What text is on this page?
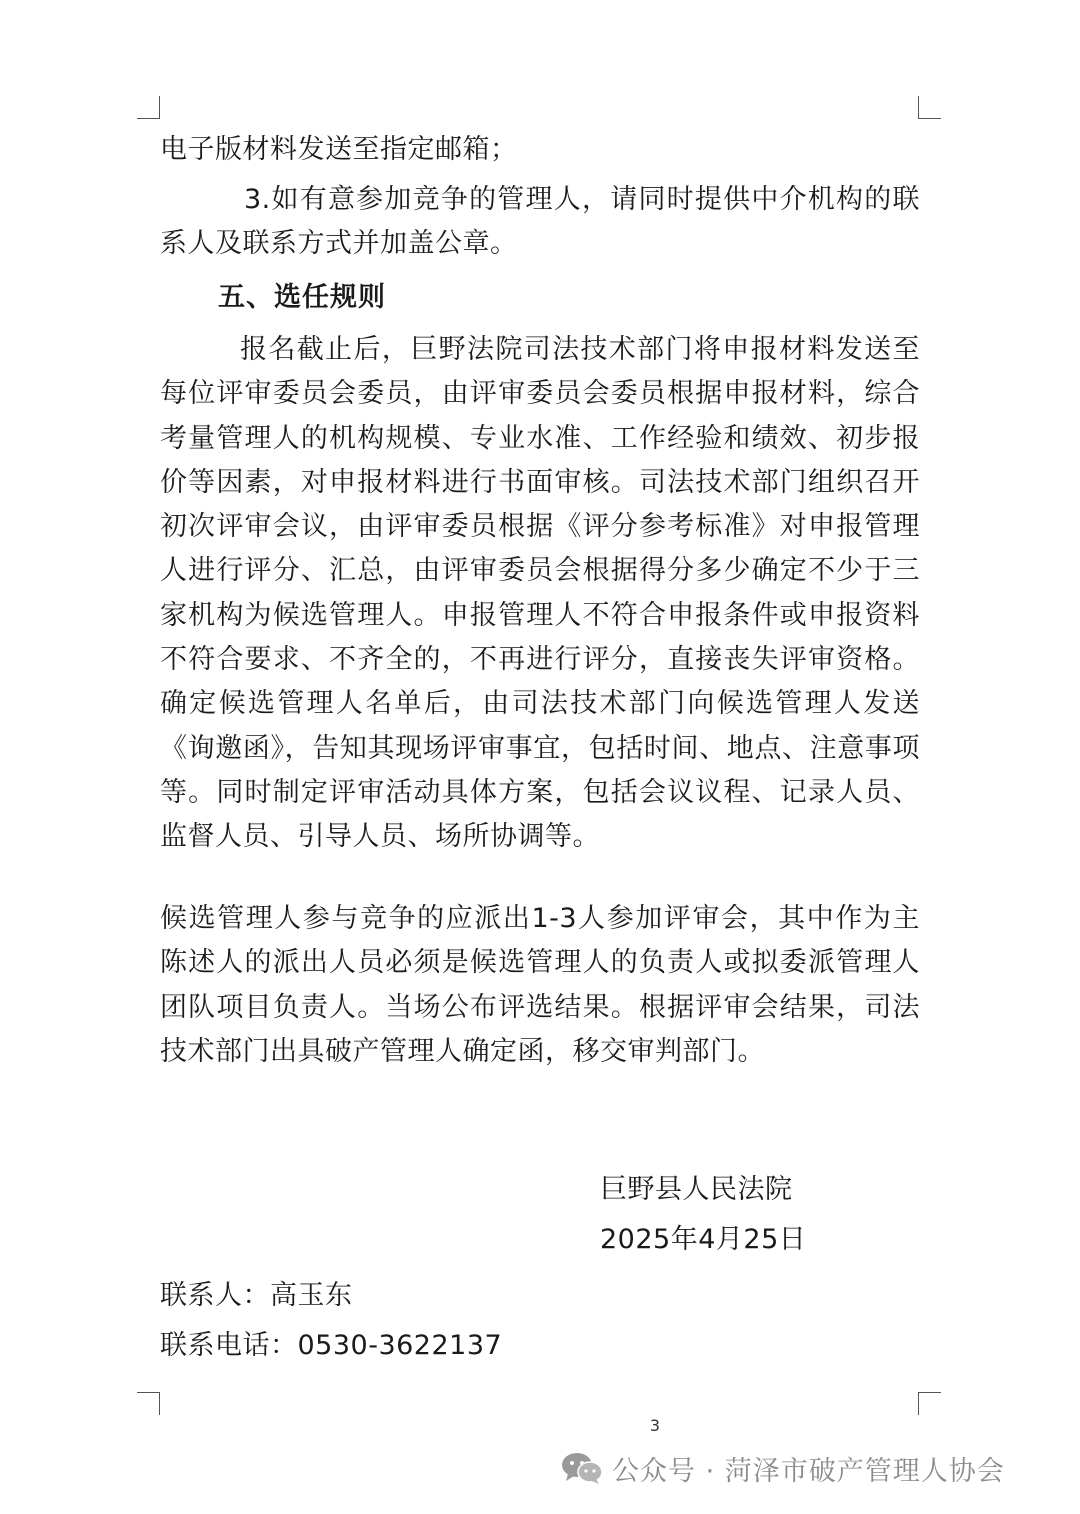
电子版材料发送至指定邮箱；

3.如有意参加竞争的管理人，请同时提供中介机构的联系人及联系方式并加盖公章。

五、选任规则

报名截止后，巨野法院司法技术部门将申报材料发送至每位评审委员会委员，由评审委员会委员根据申报材料，综合考量管理人的机构规模、专业水准、工作经验和绩效、初步报价等因素，对申报材料进行书面审核。司法技术部门组织召开初次评审会议，由评审委员根据《评分参考标准》对申报管理人进行评分、汇总，由评审委员会根据得分多少确定不少于三家机构为候选管理人。申报管理人不符合申报条件或申报资料不符合要求、不齐全的，不再进行评分，直接丧失评审资格。确定候选管理人名单后，由司法技术部门向候选管理人发送《询邀函》，告知其现场评审事宜，包括时间、地点、注意事项等。同时制定评审活动具体方案，包括会议议程、记录人员、监督人员、引导人员、场所协调等。

候选管理人参与竞争的应派出1-3人参加评审会，其中作为主陈述人的派出人员必须是候选管理人的负责人或拟委派管理人团队项目负责人。当场公布评选结果。根据评审会结果，司法技术部门出具破产管理人确定函，移交审判部门。

巨野县人民法院

2025年4月25日

联系人：高玉东

联系电话：0530-3622137

3
公众号 · 菏泽市破产管理人协会
